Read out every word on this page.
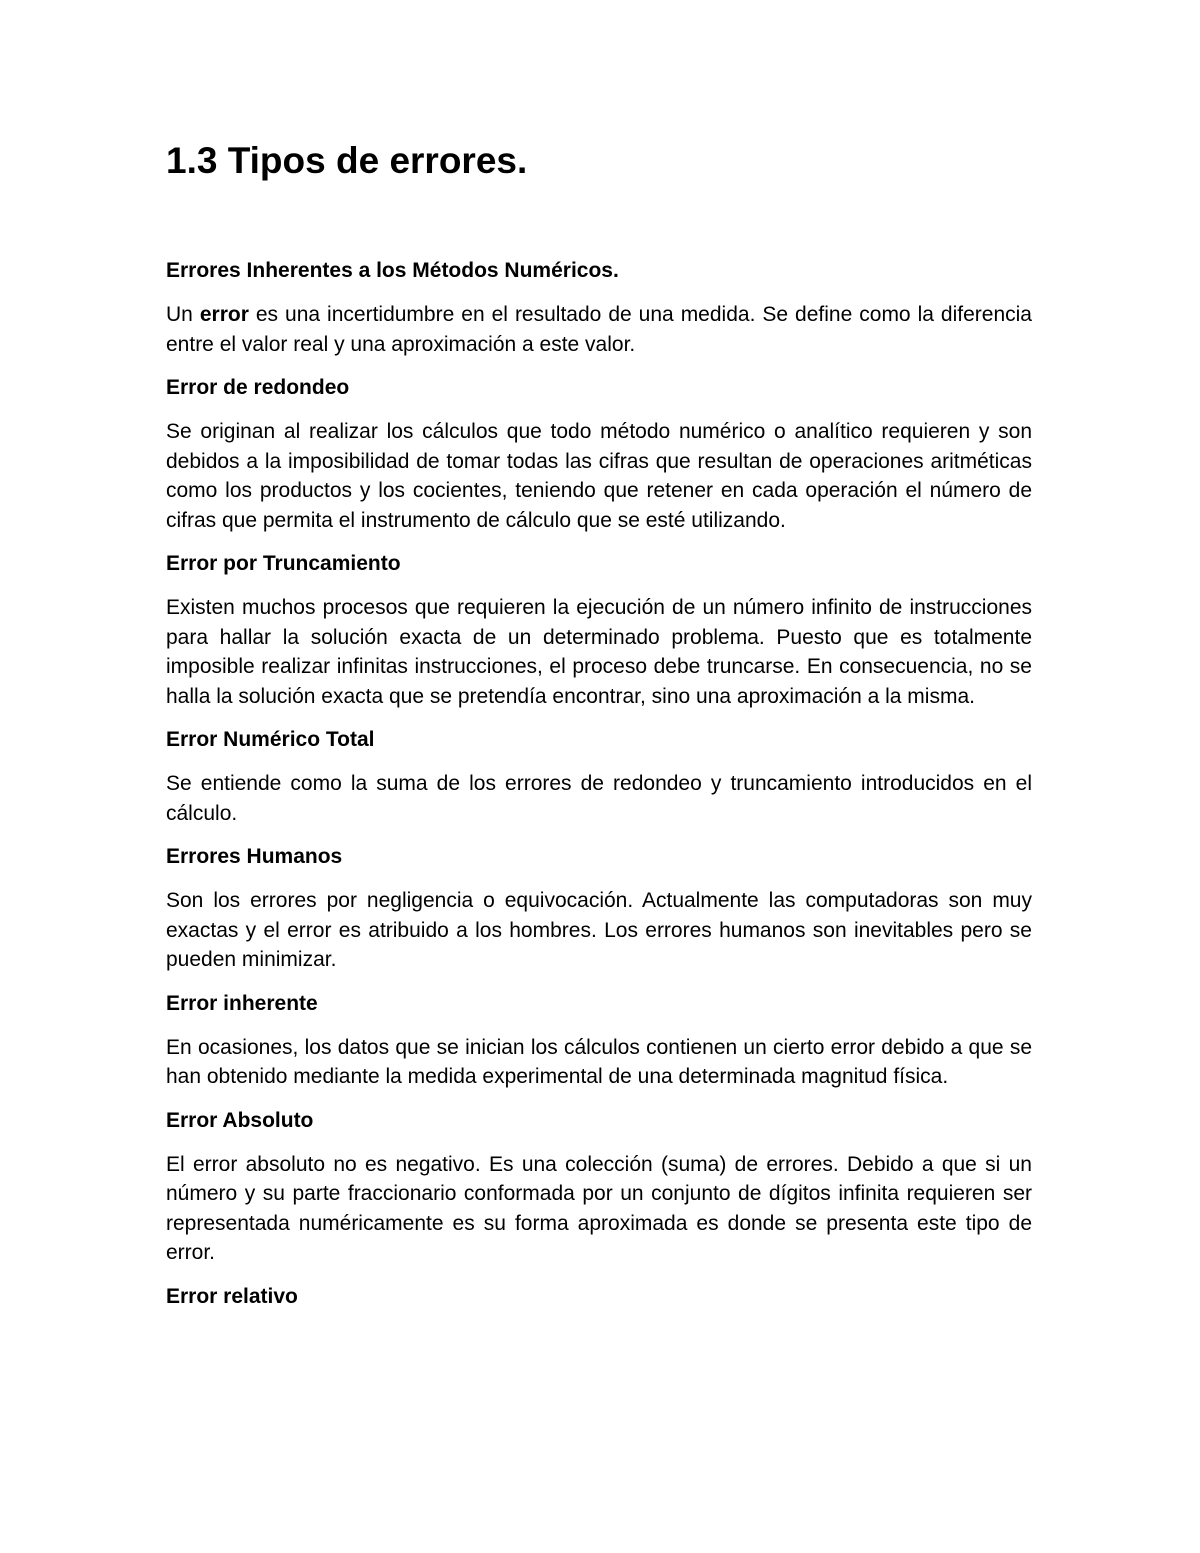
1.3 Tipos de errores.
Errores Inherentes a los Métodos Numéricos.

Un error es una incertidumbre en el resultado de una medida. Se define como la diferencia entre el valor real y una aproximación a este valor.

Error de redondeo

Se originan al realizar los cálculos que todo método numérico o analítico requieren y son debidos a la imposibilidad de tomar todas las cifras que resultan de operaciones aritméticas como los productos y los cocientes, teniendo que retener en cada operación el número de cifras que permita el instrumento de cálculo que se esté utilizando.

Error por Truncamiento

Existen muchos procesos que requieren la ejecución de un número infinito de instrucciones para hallar la solución exacta de un determinado problema. Puesto que es totalmente imposible realizar infinitas instrucciones, el proceso debe truncarse. En consecuencia, no se halla la solución exacta que se pretendía encontrar, sino una aproximación a la misma.

Error Numérico Total

Se entiende como la suma de los errores de redondeo y truncamiento introducidos en el cálculo.

Errores Humanos

Son los errores por negligencia o equivocación. Actualmente las computadoras son muy exactas y el error es atribuido a los hombres. Los errores humanos son inevitables pero se pueden minimizar.

Error inherente

En ocasiones, los datos que se inician los cálculos contienen un cierto error debido a que se han obtenido mediante la medida experimental de una determinada magnitud física.

Error Absoluto

El error absoluto no es negativo. Es una colección (suma) de errores. Debido a que si un número y su parte fraccionario conformada por un conjunto de dígitos infinita requieren ser representada numéricamente es su forma aproximada es donde se presenta este tipo de error.

Error relativo
